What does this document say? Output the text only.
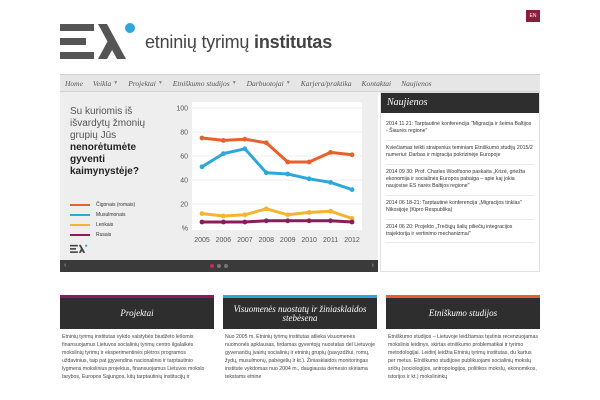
EN
etninių tyrimų institutas
Home Veikla ▼ Projektai ▼ Etniškumo studijos ▼ Darbuotojai ▼ Karjera/praktika Kontaktai Naujienos
Su kuriomis iš išvardytų žmonių grupių Jūs nenorėtumėte gyventi kaimynystėje?
Čigonais (romais)
Musulmonais
Lenkais
Rusais
100
80
60
40
20
%
2005 2006 2007 2008 2009 2010 2011 2012
‹	›
Naujienos
2014 11 21: Tarptautinė konferencija "Migracija ir šeima Baltijos - Šiaurės regione"
Kviečiamas teikti straipsnius teminiam Etniškumo studijų 2015/2 numeriui: Darbas ir migracija pokrizinėje Europoje
2014 09 30: Prof. Charles Woolfsono paskaita „Krizė, griežta ekonomija ir socialinės Europos pabaiga – apie kaj jokia naujovise ES narės Baltijos regione"
2014 06 18-21: Tarptautinė konferencija „Migracijos tinklas" Nikosijoje (Kipro Respublika)
2014 06 20: Projekto „Trečiųjų šalių piliečių integracijos trajektorija ir vertinimo mechanizmai"
Projektai
Etninių tyrimų institutas vykdo valstybės biudžeto lėšomis finansuojamus Lietuvos socialinių tyrimų centro ilgalaikės mokslinių tyrimų ir eksperimentinės plėtros programos uždavinius, taip pat įgyvendina nacionalinio ir tarptautinio lygmens mokslinius projektus, finansuojamus Lietuvos mokslo tarybos, Europos Sąjungos, kitų tarptautinių institucijų ir
Visuomenės nuostatų ir žiniasklaidos stebėsena
Nuo 2005 m. Etninių tyrimų institutas atlieka visuomenės nuomonės apklausas, tirdamas gyventojų nuostatas dėl Lietuvoje gyvenančių įvairių socialinių ir etninių grupių (pavyzdžiui, romų, žydų, musulmonų, pabėgėlių ir kt.). Žiniasklaidos monitoringas institute vykdomas nuo 2004 m., daugiausia dėmesio skiriama tekstams etnine
Etniškumo studijos
Etniškumo studijos – Lietuvoje leidžiamas tęstinis recenzuojamas mokslinis leidinys, skirtas etniškumo problematikai ir tyrimo metodologijai. Leidinį leidžia Etninių tyrimų institutas, du kartus per metus. Etniškumo studijose publikuojami socialinių mokslų sričių (sociologijos, antropologijos, politikos mokslų, ekonomikos, istorijos ir kt.) mokslininkų
